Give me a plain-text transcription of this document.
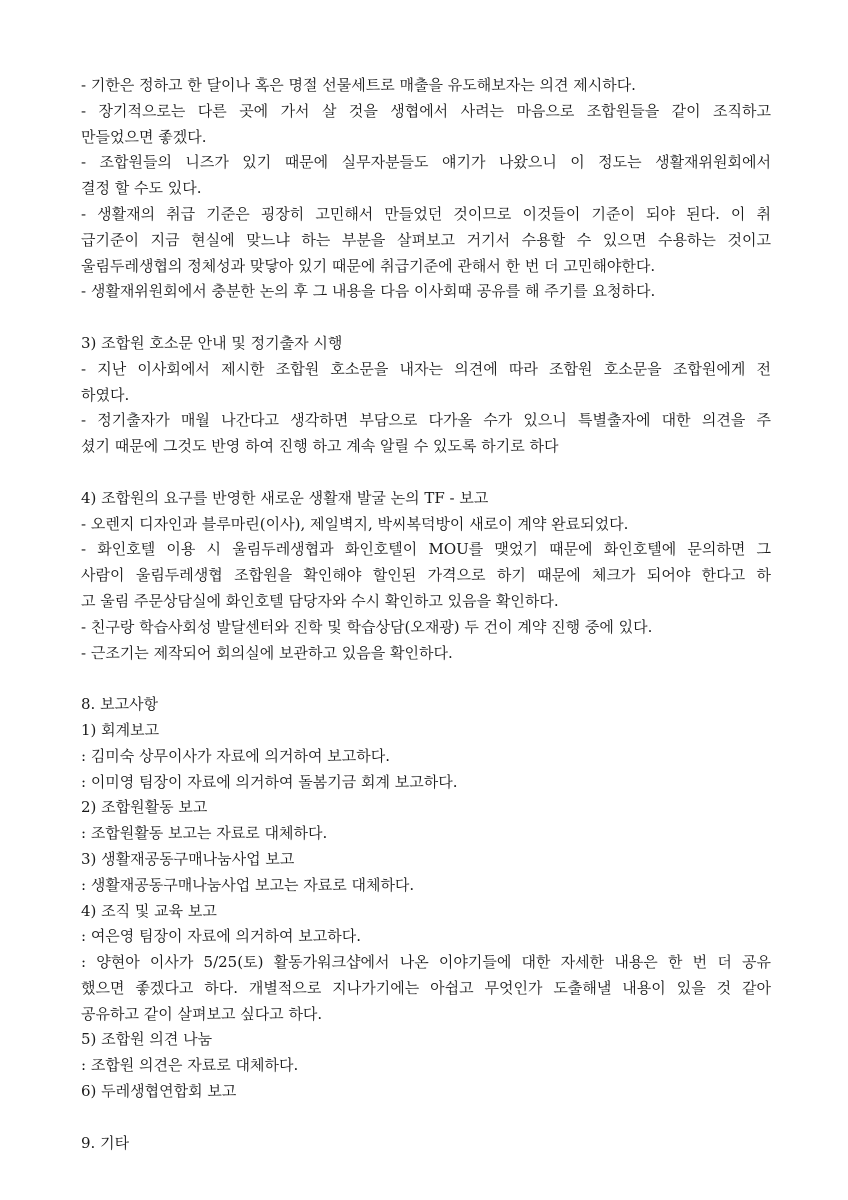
- 기한은 정하고 한 달이나 혹은 명절 선물세트로 매출을 유도해보자는 의견 제시하다.
- 장기적으로는 다른 곳에 가서 살 것을 생협에서 사려는 마음으로 조합원들을 같이 조직하고
만들었으면 좋겠다.
- 조합원들의 니즈가 있기 때문에 실무자분들도 얘기가 나왔으니 이 정도는 생활재위원회에서
결정 할 수도 있다.
- 생활재의 취급 기준은 굉장히 고민해서 만들었던 것이므로 이것들이 기준이 되야 된다. 이 취
급기준이 지금 현실에 맞느냐 하는 부분을 살펴보고 거기서 수용할 수 있으면 수용하는 것이고
울림두레생협의 정체성과 맞닿아 있기 때문에 취급기준에 관해서 한 번 더 고민해야한다.
- 생활재위원회에서 충분한 논의 후 그 내용을 다음 이사회때 공유를 해 주기를 요청하다.
3) 조합원 호소문 안내 및 정기출자 시행
- 지난 이사회에서 제시한 조합원 호소문을 내자는 의견에 따라 조합원 호소문을 조합원에게 전
하였다.
- 정기출자가 매월 나간다고 생각하면 부담으로 다가올 수가 있으니 특별출자에 대한 의견을 주
셨기 때문에 그것도 반영 하여 진행 하고 계속 알릴 수 있도록 하기로 하다
4) 조합원의 요구를 반영한 새로운 생활재 발굴 논의 TF - 보고
- 오렌지 디자인과 블루마린(이사), 제일벽지, 박씨복덕방이 새로이 계약 완료되었다.
- 화인호텔 이용 시 울림두레생협과 화인호텔이 MOU를 맺었기 때문에 화인호텔에 문의하면 그
사람이 울림두레생협 조합원을 확인해야 할인된 가격으로 하기 때문에 체크가 되어야 한다고 하
고 울림 주문상담실에 화인호텔 담당자와 수시 확인하고 있음을 확인하다.
- 친구랑 학습사회성 발달센터와 진학 및 학습상담(오재광) 두 건이 계약 진행 중에 있다.
- 근조기는 제작되어 회의실에 보관하고 있음을 확인하다.
8. 보고사항
1) 회계보고
: 김미숙 상무이사가 자료에 의거하여 보고하다.
: 이미영 팀장이 자료에 의거하여 돌봄기금 회계 보고하다.
2) 조합원활동 보고
: 조합원활동 보고는 자료로 대체하다.
3) 생활재공동구매나눔사업 보고
: 생활재공동구매나눔사업 보고는 자료로 대체하다.
4) 조직 및 교육 보고
: 여은영 팀장이 자료에 의거하여 보고하다.
: 양현아 이사가 5/25(토) 활동가워크샵에서 나온 이야기들에 대한 자세한 내용은 한 번 더 공유
했으면 좋겠다고 하다. 개별적으로 지나가기에는 아쉽고 무엇인가 도출해낼 내용이 있을 것 같아
공유하고 같이 살펴보고 싶다고 하다.
5) 조합원 의견 나눔
: 조합원 의견은 자료로 대체하다.
6) 두레생협연합회 보고
9. 기타
